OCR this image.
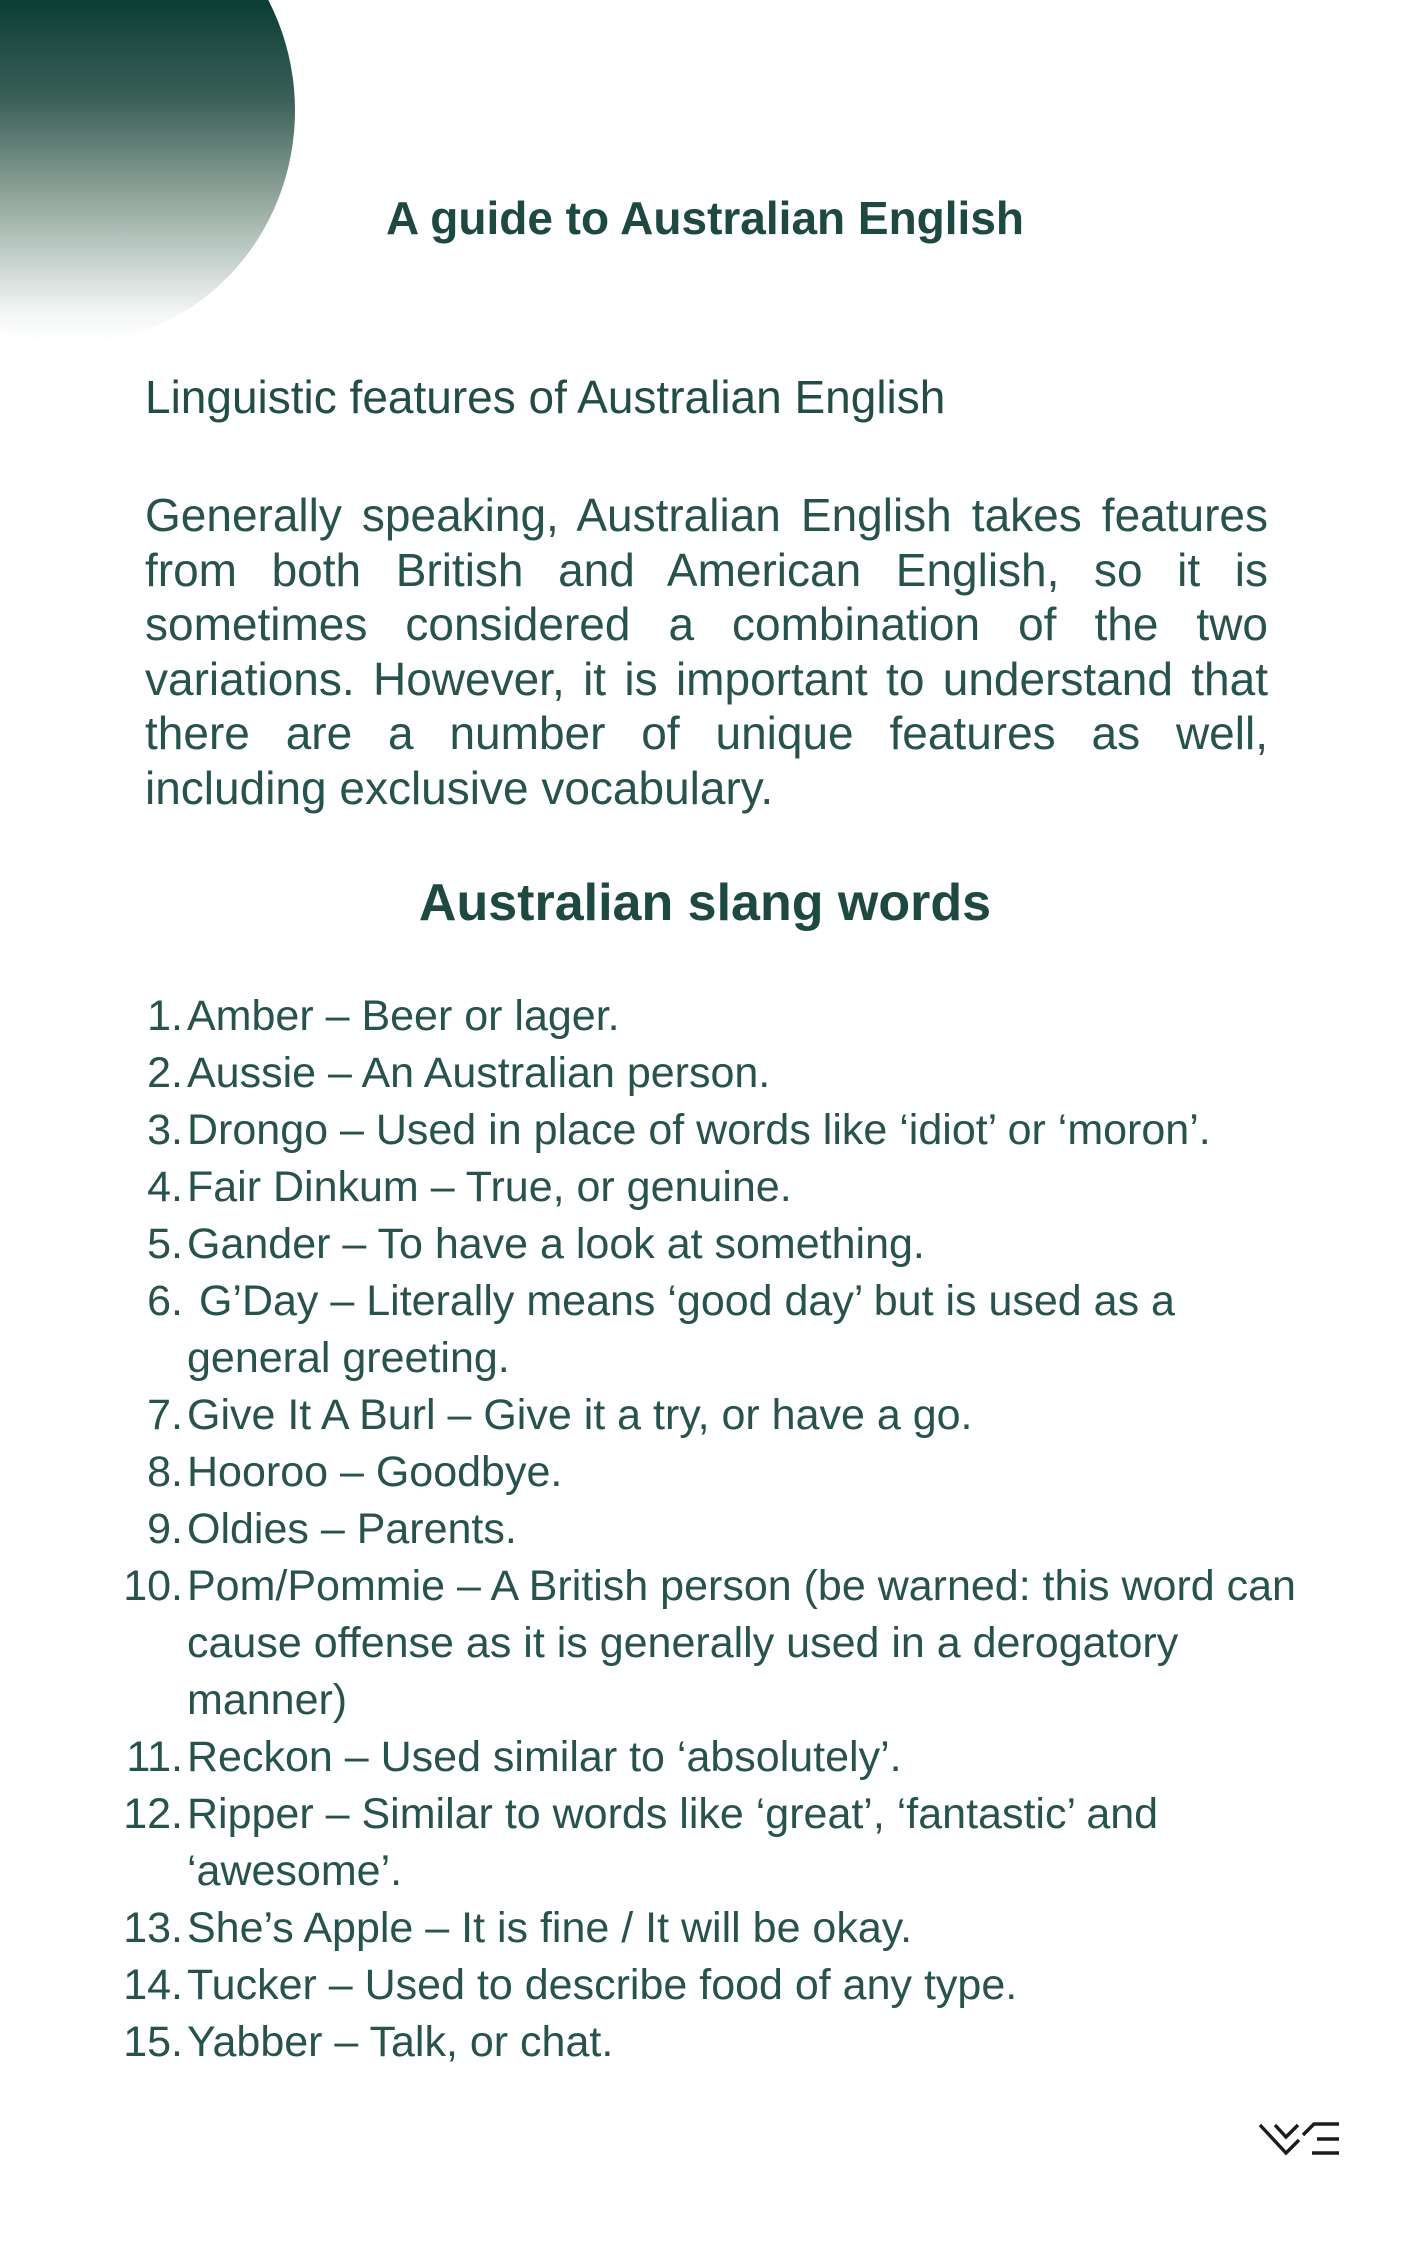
A guide to Australian English
Linguistic features of Australian English

Generally speaking, Australian English takes features from both British and American English, so it is sometimes considered a combination of the two variations. However, it is important to understand that there are a number of unique features as well, including exclusive vocabulary.

Australian slang words
1. Amber – Beer or lager.
2. Aussie – An Australian person.
3. Drongo – Used in place of words like ‘idiot’ or ‘moron’.
4. Fair Dinkum – True, or genuine.
5. Gander – To have a look at something.
6. G’Day – Literally means ‘good day’ but is used as a general greeting.
7. Give It A Burl – Give it a try, or have a go.
8. Hooroo – Goodbye.
9. Oldies – Parents.
10. Pom/Pommie – A British person (be warned: this word can cause offense as it is generally used in a derogatory manner)
11. Reckon – Used similar to ‘absolutely’.
12. Ripper – Similar to words like ‘great’, ‘fantastic’ and ‘awesome’.
13. She’s Apple – It is fine / It will be okay.
14. Tucker – Used to describe food of any type.
15. Yabber – Talk, or chat.
